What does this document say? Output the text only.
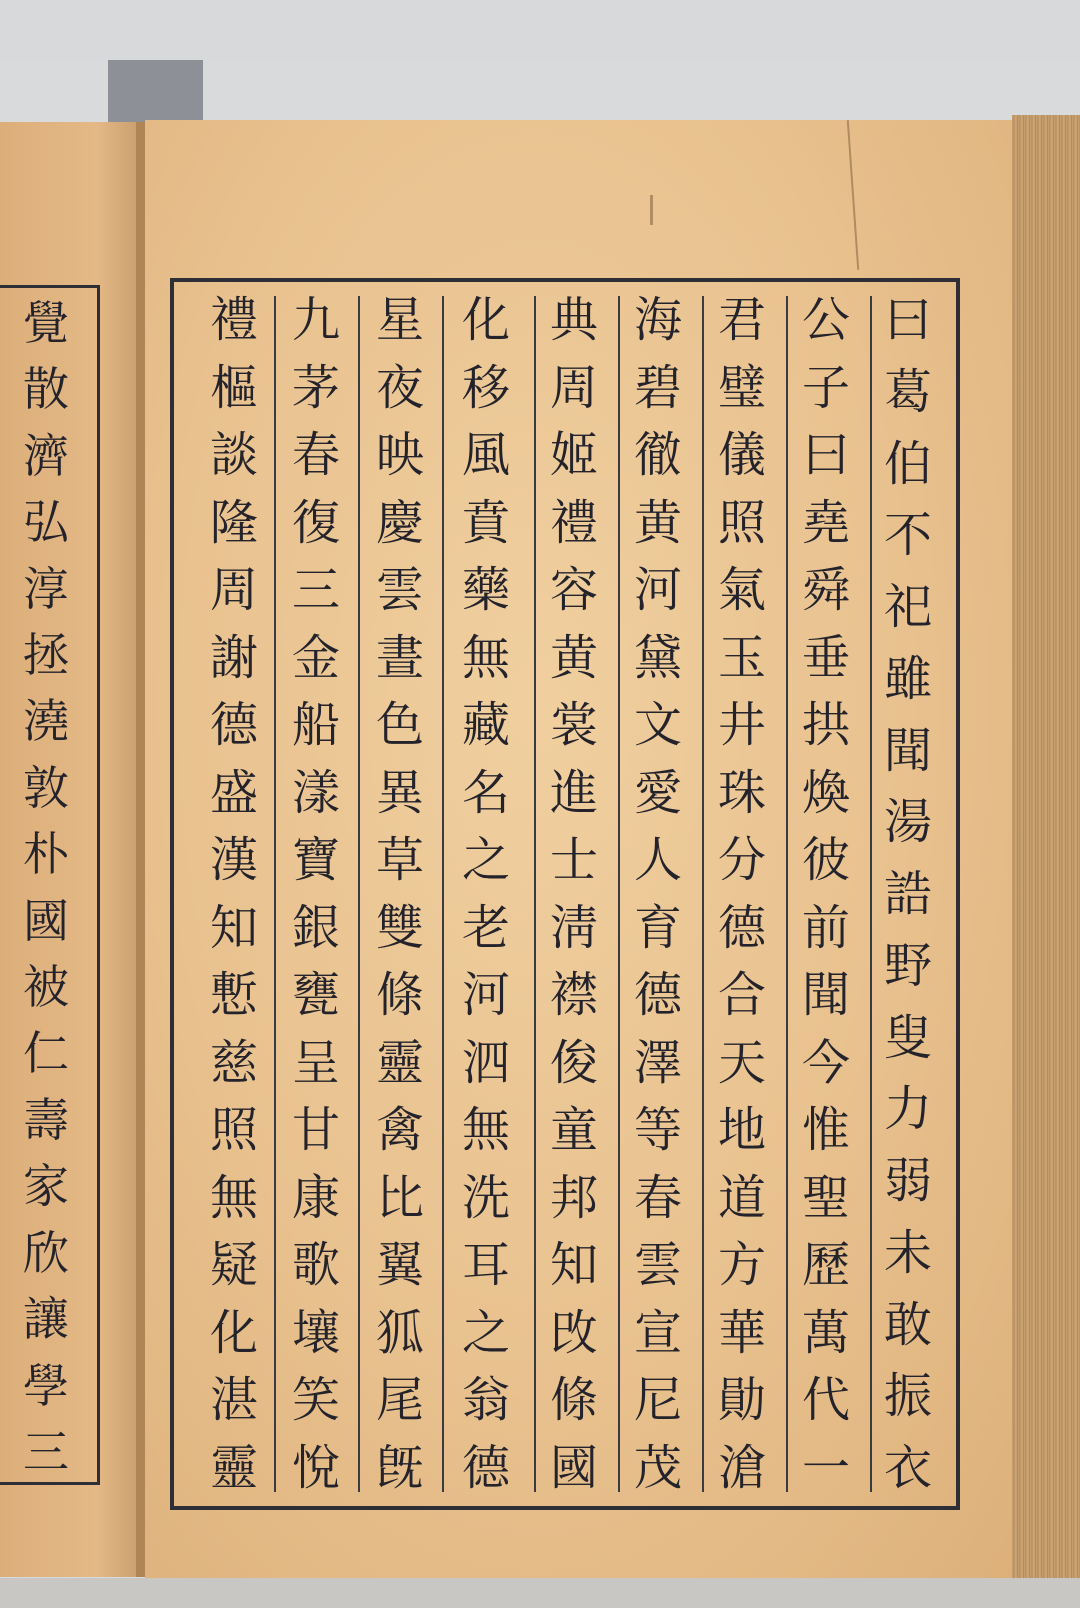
覺
散
濟
弘
淳
拯
澆
敦
朴
國
被
仁
壽
家
欣
讓
學
三
曰
葛
伯
不
祀
雖
聞
湯
誥
野
叟
力
弱
未
敢
振
衣
公
子
曰
堯
舜
垂
拱
煥
彼
前
聞
今
惟
聖
歷
萬
代
一
君
璧
儀
照
氣
玉
井
珠
分
德
合
天
地
道
方
華
勛
滄
海
碧
徹
黄
河
黛
文
愛
人
育
德
澤
等
春
雲
宣
尼
茂
典
周
姬
禮
容
黄
裳
進
士
淸
襟
俊
童
邦
知
攺
條
國
化
移
風
賁
藥
無
藏
名
之
老
河
泗
無
洗
耳
之
翁
德
星
夜
映
慶
雲
晝
色
異
草
雙
條
靈
禽
比
翼
狐
尾
旣
九
茅
春
復
三
金
船
漾
寶
銀
甕
呈
甘
康
歌
壤
笑
悅
禮
樞
談
隆
周
謝
德
盛
漢
知
慙
慈
照
無
疑
化
湛
靈
